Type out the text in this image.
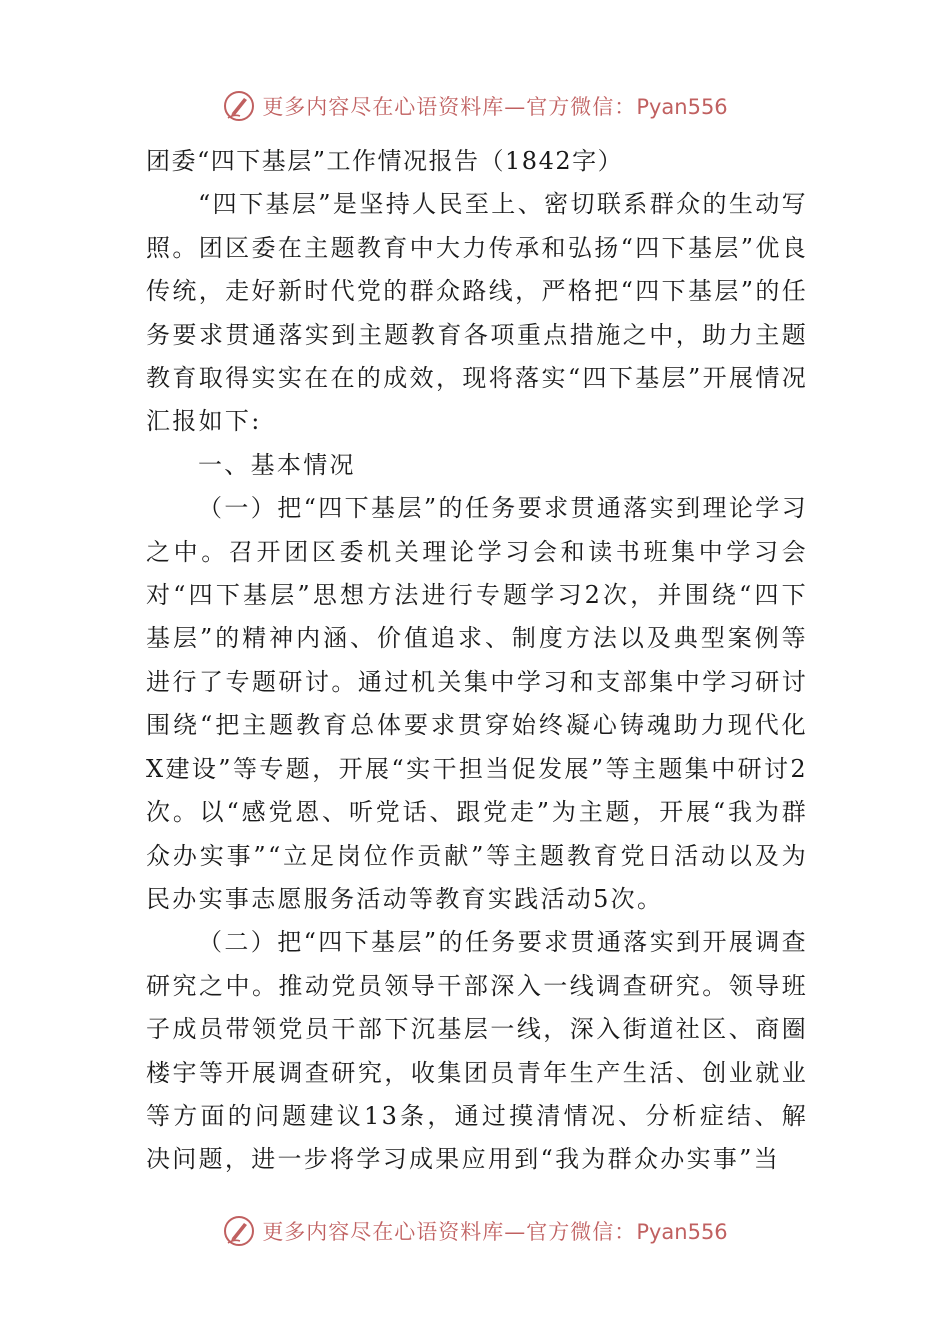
更多内容尽在心语资料库—官方微信：Pyan556

团委“四下基层”工作情况报告（1842字）

“四下基层”是坚持人民至上、密切联系群众的生动写照。团区委在主题教育中大力传承和弘扬“四下基层”优良传统，走好新时代党的群众路线，严格把“四下基层”的任务要求贯通落实到主题教育各项重点措施之中，助力主题教育取得实实在在的成效，现将落实“四下基层”开展情况汇报如下:

一、基本情况

（一）把“四下基层”的任务要求贯通落实到理论学习之中。召开团区委机关理论学习会和读书班集中学习会对“四下基层”思想方法进行专题学习2次，并围绕“四下基层”的精神内涵、价值追求、制度方法以及典型案例等进行了专题研讨。通过机关集中学习和支部集中学习研讨围绕“把主题教育总体要求贯穿始终凝心铸魂助力现代化X建设”等专题，开展“实干担当促发展”等主题集中研讨2次。以“感党恩、听党话、跟党走”为主题，开展“我为群众办实事”“立足岗位作贡献”等主题教育党日活动以及为民办实事志愿服务活动等教育实践活动5次。

（二）把“四下基层”的任务要求贯通落实到开展调查研究之中。推动党员领导干部深入一线调查研究。领导班子成员带领党员干部下沉基层一线，深入街道社区、商圈楼宇等开展调查研究，收集团员青年生产生活、创业就业等方面的问题建议13条，通过摸清情况、分析症结、解决问题，进一步将学习成果应用到“我为群众办实事”当

更多内容尽在心语资料库—官方微信：Pyan556
